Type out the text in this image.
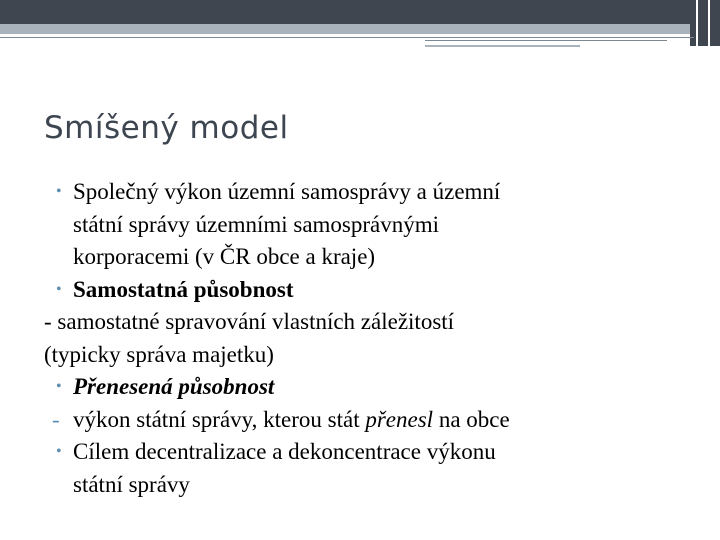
Smíšený model
• Společný výkon územní samosprávy a územní
státní správy územními samosprávnými
korporacemi (v ČR obce a kraje)
• Samostatná působnost
- samostatné spravování vlastních záležitostí
(typicky správa majetku)
• Přenesená působnost
- výkon státní správy, kterou stát přenesl na obce
• Cílem decentralizace a dekoncentrace výkonu
státní správy
